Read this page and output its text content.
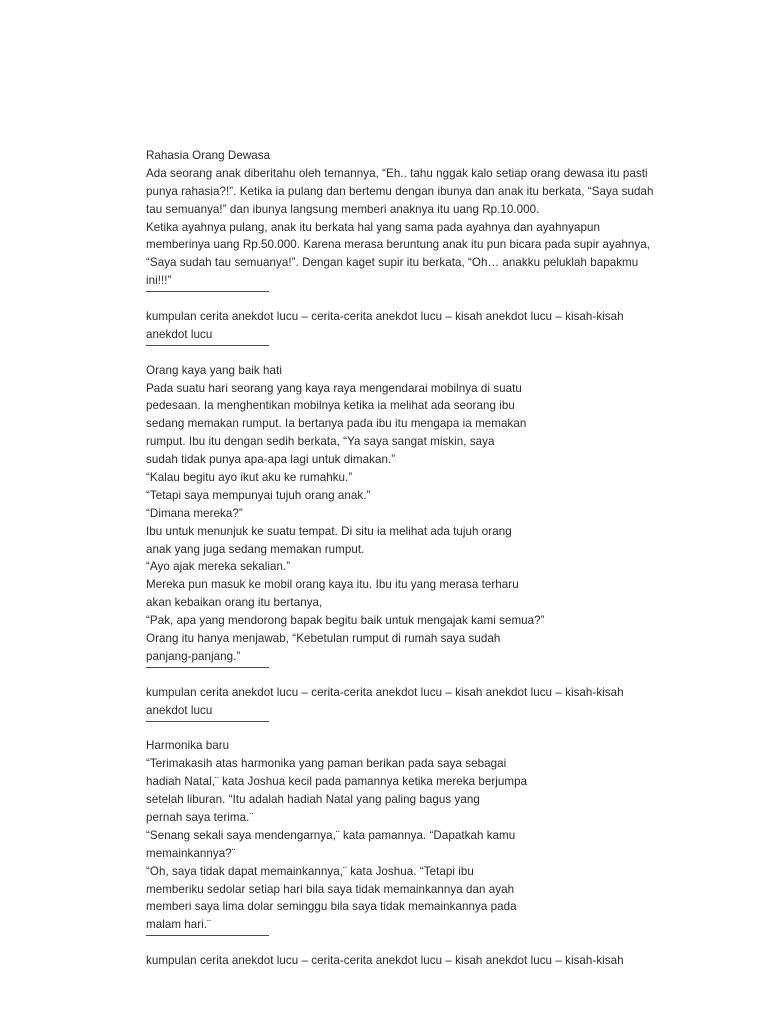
Rahasia Orang Dewasa
Ada seorang anak diberitahu oleh temannya, “Eh.. tahu nggak kalo setiap orang dewasa itu pasti
punya rahasia?!”. Ketika ia pulang dan bertemu dengan ibunya dan anak itu berkata, “Saya sudah
tau semuanya!” dan ibunya langsung memberi anaknya itu uang Rp.10.000.
Ketika ayahnya pulang, anak itu berkata hal yang sama pada ayahnya dan ayahnyapun
memberinya uang Rp.50.000. Karena merasa beruntung anak itu pun bicara pada supir ayahnya,
“Saya sudah tau semuanya!”. Dengan kaget supir itu berkata, “Oh… anakku peluklah bapakmu
ini!!!”
kumpulan cerita anekdot lucu – cerita-cerita anekdot lucu – kisah anekdot lucu – kisah-kisah
anekdot lucu
Orang kaya yang baik hati
Pada suatu hari seorang yang kaya raya mengendarai mobilnya di suatu
pedesaan. Ia menghentikan mobilnya ketika ia melihat ada seorang ibu
sedang memakan rumput. Ia bertanya pada ibu itu mengapa ia memakan
rumput. Ibu itu dengan sedih berkata, “Ya saya sangat miskin, saya
sudah tidak punya apa-apa lagi untuk dimakan.”
“Kalau begitu ayo ikut aku ke rumahku.”
“Tetapi saya mempunyai tujuh orang anak.”
“Dimana mereka?”
Ibu untuk menunjuk ke suatu tempat. Di situ ia melihat ada tujuh orang
anak yang juga sedang memakan rumput.
“Ayo ajak mereka sekalian.”
Mereka pun masuk ke mobil orang kaya itu. Ibu itu yang merasa terharu
akan kebaikan orang itu bertanya,
“Pak, apa yang mendorong bapak begitu baik untuk mengajak kami semua?”
Orang itu hanya menjawab, “Kebetulan rumput di rumah saya sudah
panjang-panjang.”
kumpulan cerita anekdot lucu – cerita-cerita anekdot lucu – kisah anekdot lucu – kisah-kisah
anekdot lucu
Harmonika baru
“Terimakasih atas harmonika yang paman berikan pada saya sebagai
hadiah Natal,¨ kata Joshua kecil pada pamannya ketika mereka berjumpa
setelah liburan. “Itu adalah hadiah Natal yang paling bagus yang
pernah saya terima.¨
“Senang sekali saya mendengarnya,¨ kata pamannya. “Dapatkah kamu
memainkannya?¨
“Oh, saya tidak dapat memainkannya,¨ kata Joshua. “Tetapi ibu
memberiku sedolar setiap hari bila saya tidak memainkannya dan ayah
memberi saya lima dolar seminggu bila saya tidak memainkannya pada
malam hari.¨
kumpulan cerita anekdot lucu – cerita-cerita anekdot lucu – kisah anekdot lucu – kisah-kisah
